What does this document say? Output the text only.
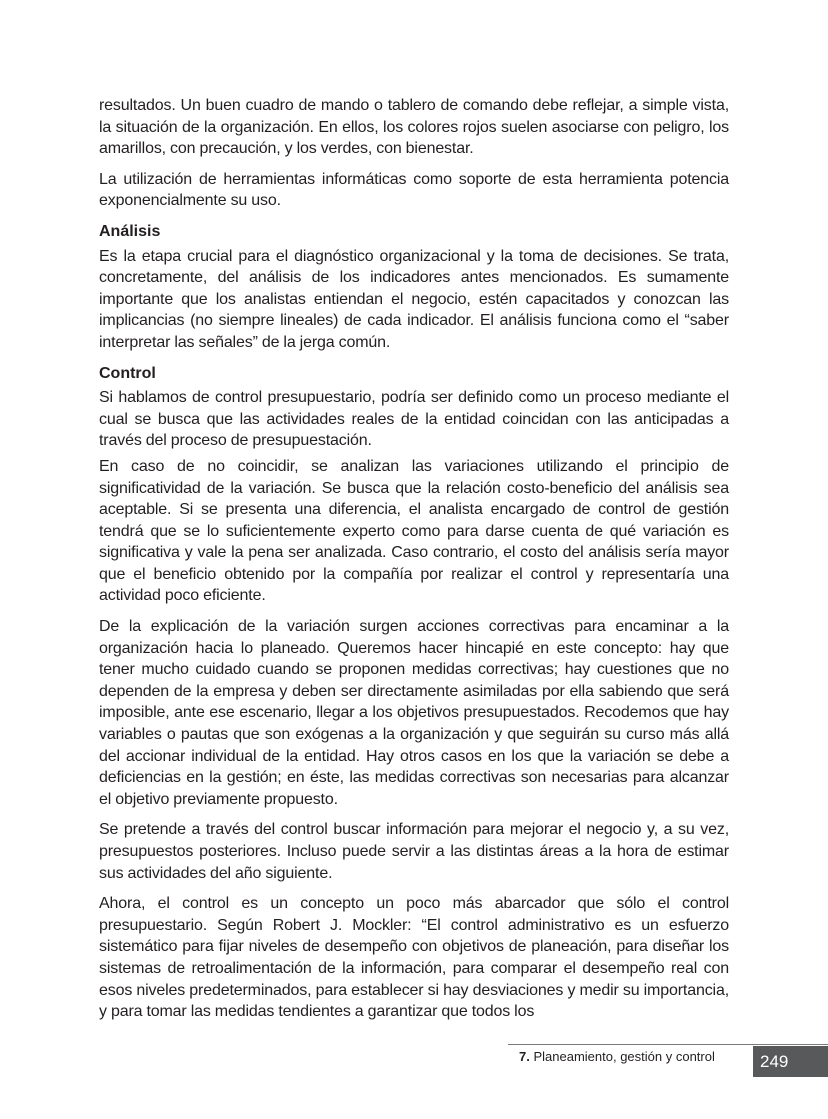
resultados. Un buen cuadro de mando o tablero de comando debe reflejar, a simple vista, la situación de la organización. En ellos, los colores rojos suelen asociarse con peligro, los amarillos, con precaución, y los verdes, con bienestar.

La utilización de herramientas informáticas como soporte de esta herramienta potencia exponencialmente su uso.

Análisis

Es la etapa crucial para el diagnóstico organizacional y la toma de decisiones. Se trata, concretamente, del análisis de los indicadores antes mencionados. Es sumamente importante que los analistas entiendan el negocio, estén capacitados y conozcan las implicancias (no siempre lineales) de cada indicador. El análisis funciona como el “saber interpretar las señales” de la jerga común.

Control

Si hablamos de control presupuestario, podría ser definido como un proceso mediante el cual se busca que las actividades reales de la entidad coincidan con las anticipadas a través del proceso de presupuestación.

En caso de no coincidir, se analizan las variaciones utilizando el principio de significatividad de la variación. Se busca que la relación costo-beneficio del análisis sea aceptable. Si se presenta una diferencia, el analista encargado de control de gestión tendrá que se lo suficientemente experto como para darse cuenta de qué variación es significativa y vale la pena ser analizada. Caso contrario, el costo del análisis sería mayor que el beneficio obtenido por la compañía por realizar el control y representaría una actividad poco eficiente.

De la explicación de la variación surgen acciones correctivas para encaminar a la organización hacia lo planeado. Queremos hacer hincapié en este concepto: hay que tener mucho cuidado cuando se proponen medidas correctivas; hay cuestiones que no dependen de la empresa y deben ser directamente asimiladas por ella sabiendo que será imposible, ante ese escenario, llegar a los objetivos presupuestados. Recodemos que hay variables o pautas que son exógenas a la organización y que seguirán su curso más allá del accionar individual de la entidad. Hay otros casos en los que la variación se debe a deficiencias en la gestión; en éste, las medidas correctivas son necesarias para alcanzar el objetivo previamente propuesto.

Se pretende a través del control buscar información para mejorar el negocio y, a su vez, presupuestos posteriores. Incluso puede servir a las distintas áreas a la hora de estimar sus actividades del año siguiente.

Ahora, el control es un concepto un poco más abarcador que sólo el control presupuestario. Según Robert J. Mockler: “El control administrativo es un esfuerzo sistemático para fijar niveles de desempeño con objetivos de planeación, para diseñar los sistemas de retroalimentación de la información, para comparar el desempeño real con esos niveles predeterminados, para establecer si hay desviaciones y medir su importancia, y para tomar las medidas tendientes a garantizar que todos los

7. Planeamiento, gestión y control	249
